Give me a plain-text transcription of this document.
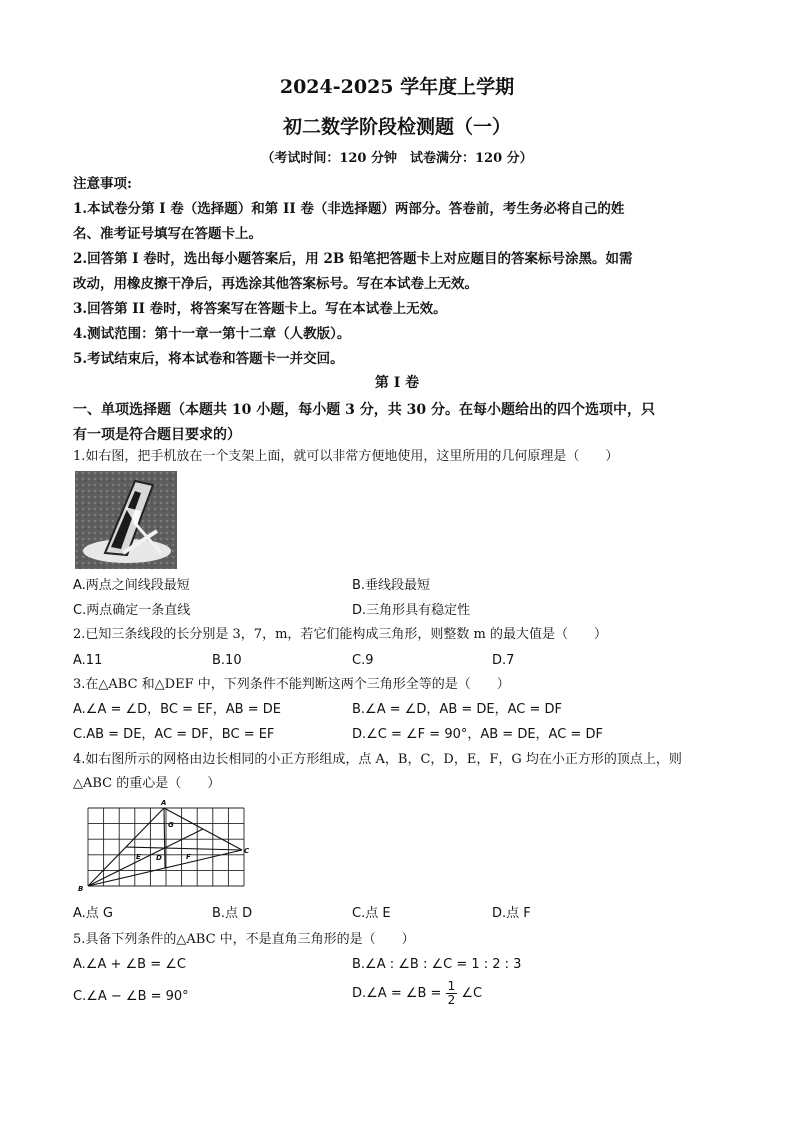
2024-2025 学年度上学期
初二数学阶段检测题（一）
（考试时间：120 分钟　试卷满分：120 分）
注意事项:
1.本试卷分第 I 卷（选择题）和第 II 卷（非选择题）两部分。答卷前，考生务必将自己的姓
名、准考证号填写在答题卡上。
2.回答第 I 卷时，选出每小题答案后，用 2B 铅笔把答题卡上对应题目的答案标号涂黑。如需
改动，用橡皮擦干净后，再选涂其他答案标号。写在本试卷上无效。
3.回答第 II 卷时，将答案写在答题卡上。写在本试卷上无效。
4.测试范围：第十一章一第十二章（人教版）。
5.考试结束后，将本试卷和答题卡一并交回。
第 I 卷
一、单项选择题（本题共 10 小题，每小题 3 分，共 30 分。在每小题给出的四个选项中，只
有一项是符合题目要求的）
1.如右图，把手机放在一个支架上面，就可以非常方便地使用，这里所用的几何原理是（　　）
A.两点之间线段最短	B.垂线段最短
C.两点确定一条直线	D.三角形具有稳定性
2.已知三条线段的长分别是 3，7，m，若它们能构成三角形，则整数 m 的最大值是（　　）
A.11	B.10	C.9	D.7
3.在△ABC 和△DEF 中，下列条件不能判断这两个三角形全等的是（　　）
A.∠A = ∠D，BC = EF，AB = DE	B.∠A = ∠D，AB = DE，AC = DF
C.AB = DE，AC = DF，BC = EF	D.∠C = ∠F = 90°，AB = DE，AC = DF
4.如右图所示的网格由边长相同的小正方形组成，点 A，B，C，D，E，F，G 均在小正方形的顶点上，则
△ABC 的重心是（　　）
A
B
C
D
E	F
G
A.点 G	B.点 D	C.点 E	D.点 F
5.具备下列条件的△ABC 中，不是直角三角形的是（　　）
A.∠A + ∠B = ∠C	B.∠A : ∠B : ∠C = 1 : 2 : 3
C.∠A − ∠B = 90°	D.∠A = ∠B = $\frac{1}{2}$ ∠C
